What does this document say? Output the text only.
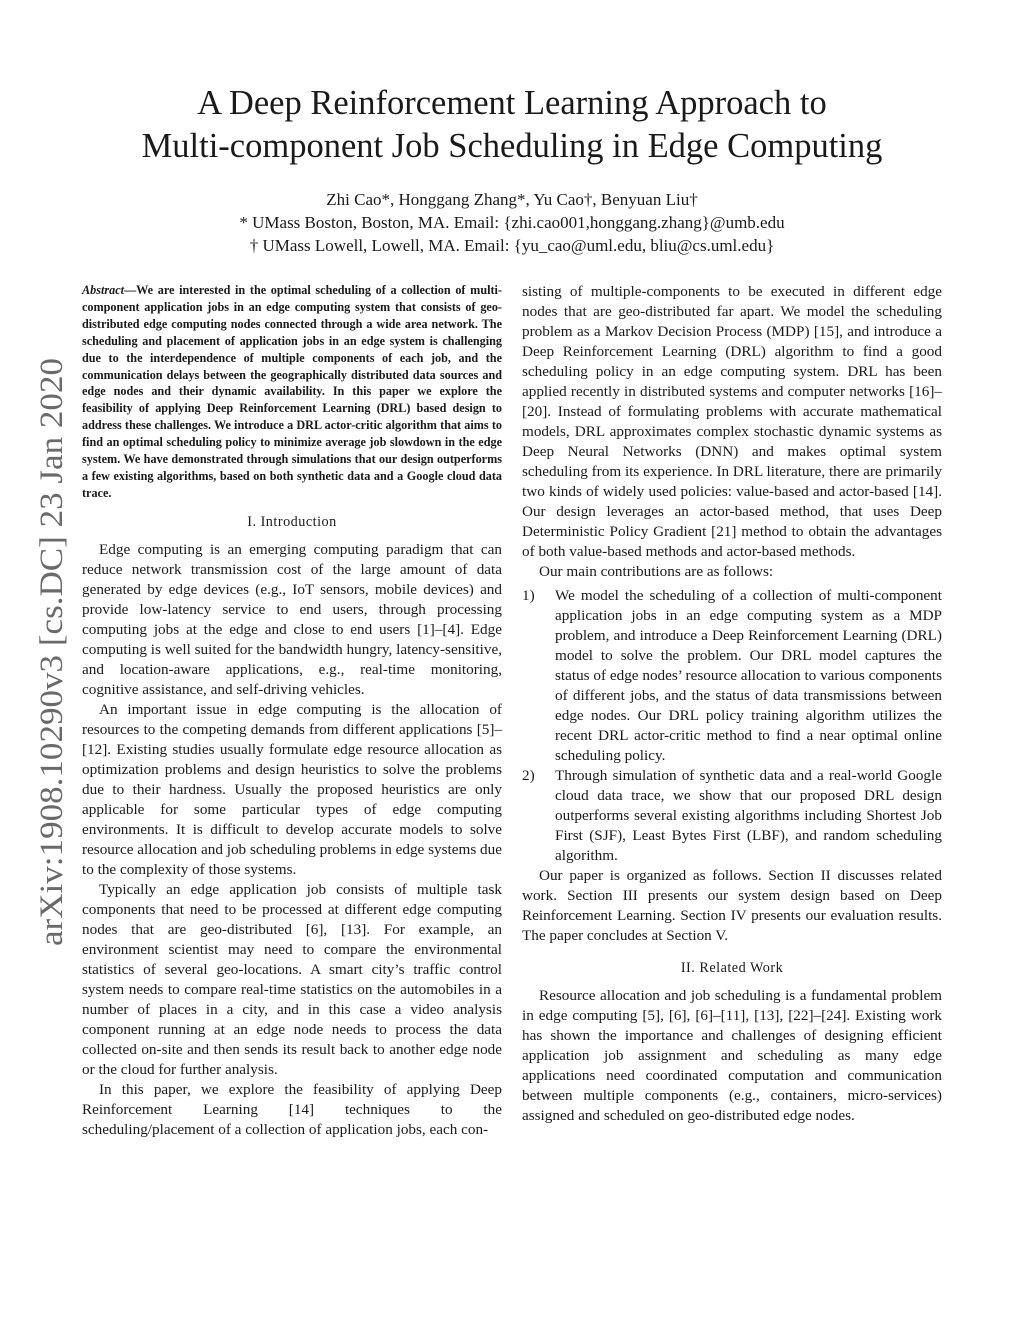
arXiv:1908.10290v3 [cs.DC] 23 Jan 2020
A Deep Reinforcement Learning Approach to
Multi-component Job Scheduling in Edge Computing
Zhi Cao*, Honggang Zhang*, Yu Cao†, Benyuan Liu†
* UMass Boston, Boston, MA. Email: {zhi.cao001,honggang.zhang}@umb.edu
† UMass Lowell, Lowell, MA. Email: {yu_cao@uml.edu, bliu@cs.uml.edu}

Abstract—We are interested in the optimal scheduling of a collection of multi-component application jobs in an edge computing system that consists of geo-distributed edge computing nodes connected through a wide area network. The scheduling and placement of application jobs in an edge system is challenging due to the interdependence of multiple components of each job, and the communication delays between the geographically distributed data sources and edge nodes and their dynamic availability. In this paper we explore the feasibility of applying Deep Reinforcement Learning (DRL) based design to address these challenges. We introduce a DRL actor-critic algorithm that aims to find an optimal scheduling policy to minimize average job slowdown in the edge system. We have demonstrated through simulations that our design outperforms a few existing algorithms, based on both synthetic data and a Google cloud data trace.

I. Introduction

Edge computing is an emerging computing paradigm that can reduce network transmission cost of the large amount of data generated by edge devices (e.g., IoT sensors, mobile devices) and provide low-latency service to end users, through processing computing jobs at the edge and close to end users [1]–[4]. Edge computing is well suited for the bandwidth hungry, latency-sensitive, and location-aware applications, e.g., real-time monitoring, cognitive assistance, and self-driving vehicles.

An important issue in edge computing is the allocation of resources to the competing demands from different applications [5]–[12]. Existing studies usually formulate edge resource allocation as optimization problems and design heuristics to solve the problems due to their hardness. Usually the proposed heuristics are only applicable for some particular types of edge computing environments. It is difficult to develop accurate models to solve resource allocation and job scheduling problems in edge systems due to the complexity of those systems.

Typically an edge application job consists of multiple task components that need to be processed at different edge computing nodes that are geo-distributed [6], [13]. For example, an environment scientist may need to compare the environmental statistics of several geo-locations. A smart city’s traffic control system needs to compare real-time statistics on the automobiles in a number of places in a city, and in this case a video analysis component running at an edge node needs to process the data collected on-site and then sends its result back to another edge node or the cloud for further analysis.

In this paper, we explore the feasibility of applying Deep Reinforcement Learning [14] techniques to the scheduling/placement of a collection of application jobs, each con-

sisting of multiple-components to be executed in different edge nodes that are geo-distributed far apart. We model the scheduling problem as a Markov Decision Process (MDP) [15], and introduce a Deep Reinforcement Learning (DRL) algorithm to find a good scheduling policy in an edge computing system. DRL has been applied recently in distributed systems and computer networks [16]–[20]. Instead of formulating problems with accurate mathematical models, DRL approximates complex stochastic dynamic systems as Deep Neural Networks (DNN) and makes optimal system scheduling from its experience. In DRL literature, there are primarily two kinds of widely used policies: value-based and actor-based [14]. Our design leverages an actor-based method, that uses Deep Deterministic Policy Gradient [21] method to obtain the advantages of both value-based methods and actor-based methods.

Our main contributions are as follows:

1) We model the scheduling of a collection of multi-component application jobs in an edge computing system as a MDP problem, and introduce a Deep Reinforcement Learning (DRL) model to solve the problem. Our DRL model captures the status of edge nodes’ resource allocation to various components of different jobs, and the status of data transmissions between edge nodes. Our DRL policy training algorithm utilizes the recent DRL actor-critic method to find a near optimal online scheduling policy.
2) Through simulation of synthetic data and a real-world Google cloud data trace, we show that our proposed DRL design outperforms several existing algorithms including Shortest Job First (SJF), Least Bytes First (LBF), and random scheduling algorithm.

Our paper is organized as follows. Section II discusses related work. Section III presents our system design based on Deep Reinforcement Learning. Section IV presents our evaluation results. The paper concludes at Section V.

II. Related Work

Resource allocation and job scheduling is a fundamental problem in edge computing [5], [6], [6]–[11], [13], [22]–[24]. Existing work has shown the importance and challenges of designing efficient application job assignment and scheduling as many edge applications need coordinated computation and communication between multiple components (e.g., containers, micro-services) assigned and scheduled on geo-distributed edge nodes.
